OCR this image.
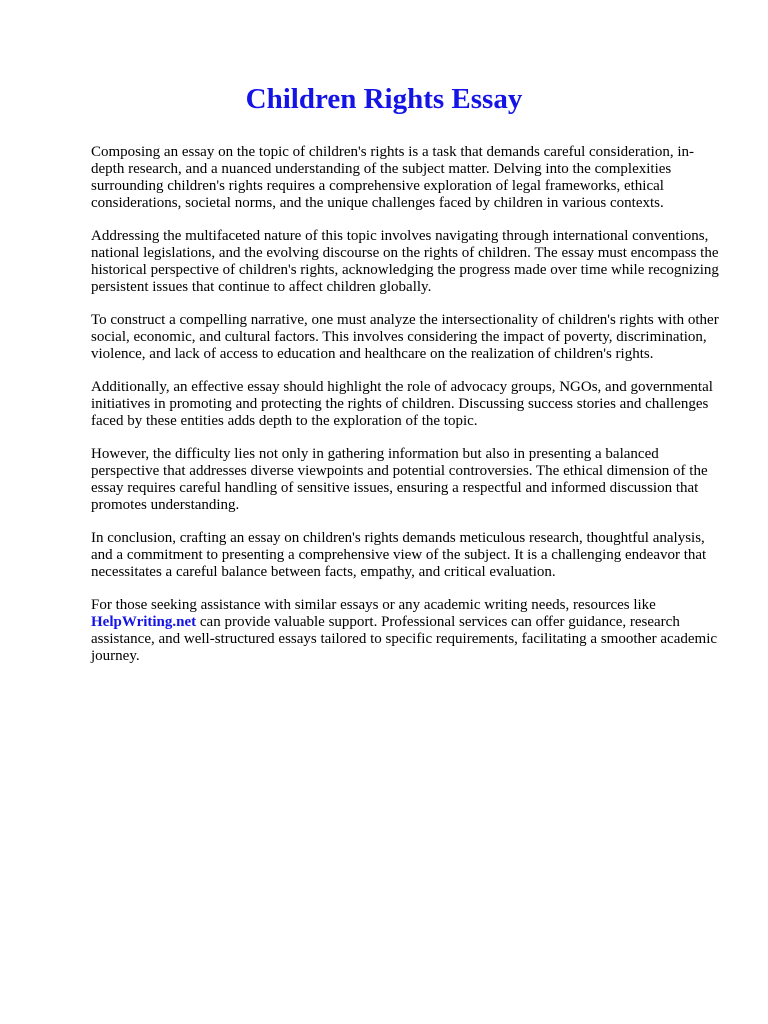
Children Rights Essay

Composing an essay on the topic of children's rights is a task that demands careful consideration, in-depth research, and a nuanced understanding of the subject matter. Delving into the complexities surrounding children's rights requires a comprehensive exploration of legal frameworks, ethical considerations, societal norms, and the unique challenges faced by children in various contexts.

Addressing the multifaceted nature of this topic involves navigating through international conventions, national legislations, and the evolving discourse on the rights of children. The essay must encompass the historical perspective of children's rights, acknowledging the progress made over time while recognizing persistent issues that continue to affect children globally.

To construct a compelling narrative, one must analyze the intersectionality of children's rights with other social, economic, and cultural factors. This involves considering the impact of poverty, discrimination, violence, and lack of access to education and healthcare on the realization of children's rights.

Additionally, an effective essay should highlight the role of advocacy groups, NGOs, and governmental initiatives in promoting and protecting the rights of children. Discussing success stories and challenges faced by these entities adds depth to the exploration of the topic.

However, the difficulty lies not only in gathering information but also in presenting a balanced perspective that addresses diverse viewpoints and potential controversies. The ethical dimension of the essay requires careful handling of sensitive issues, ensuring a respectful and informed discussion that promotes understanding.

In conclusion, crafting an essay on children's rights demands meticulous research, thoughtful analysis, and a commitment to presenting a comprehensive view of the subject. It is a challenging endeavor that necessitates a careful balance between facts, empathy, and critical evaluation.

For those seeking assistance with similar essays or any academic writing needs, resources like HelpWriting.net can provide valuable support. Professional services can offer guidance, research assistance, and well-structured essays tailored to specific requirements, facilitating a smoother academic journey.
